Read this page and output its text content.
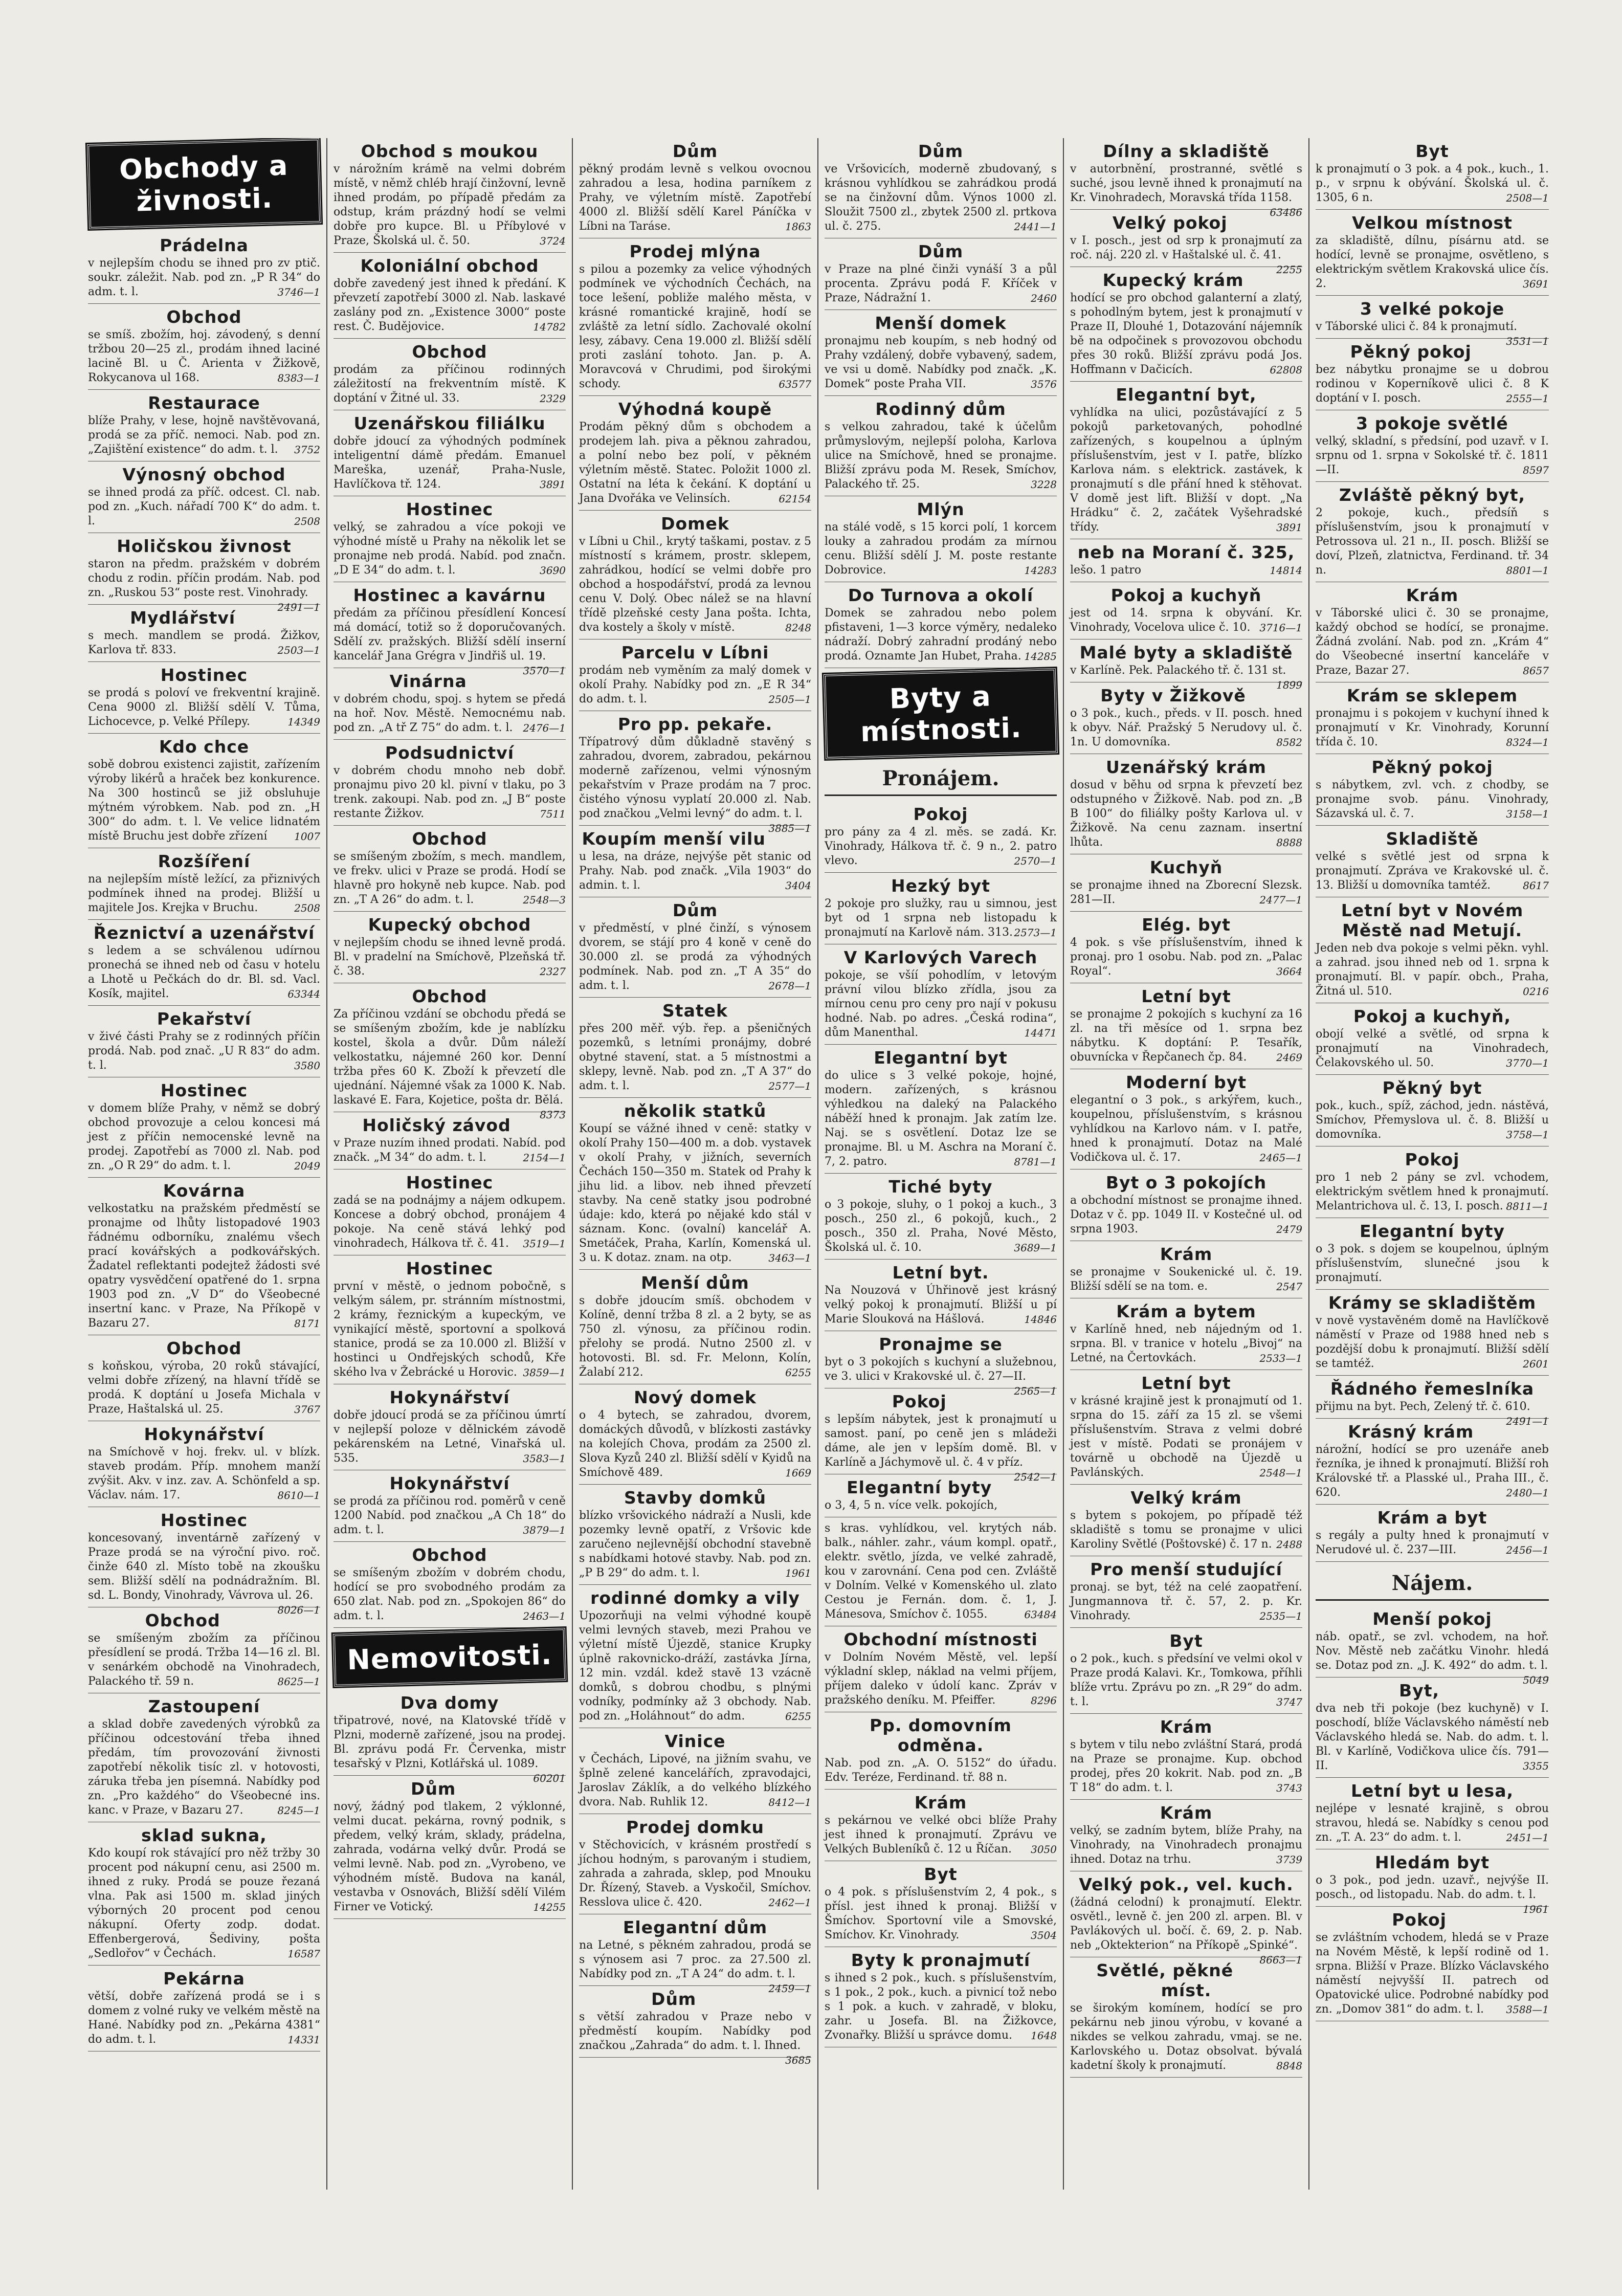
Obchody a živnosti.
Prádelna

v nejlepším chodu se ihned pro zv ptič. soukr. záležit. Nab. pod zn. „P R 34“ do adm. t. l.	3746—1

Obchod

se smíš. zbožím, hoj. závodený, s denní tržbou 20—25 zl., prodám ihned laciné lacině Bl. u Č. Arienta v Žižkově, Rokycanova ul 168.	8383—1

Restaurace

blíže Prahy, v lese, hojně navštěvovaná, prodá se za příč. nemoci. Nab. pod zn. „Zajištění existence“ do adm. t. l. 3752

Výnosný obchod

se ihned prodá za příč. odcest. Cl. nab. pod zn. „Kuch. nářadí 700 K“ do adm. t. l.	2508

Holičskou živnost

staron na předm. pražském v dobrém chodu z rodin. příčin prodám. Nab. pod zn. „Ruskou 53“ poste rest. Vinohrady.
2491—1

Mydlářství

s mech. mandlem se prodá. Žižkov, Karlova tř. 833.	2503—1

Hostinec

se prodá s poloví ve frekventní krajině. Cena 9000 zl. Bližší sdělí V. Tůma, Lichocevce, p. Velké Přílepy.	14349

Kdo chce

sobě dobrou existenci zajistit, zařízením výroby likérů a hraček bez konkurence. Na 300 hostinců se již obsluhuje mýtném výrobkem. Nab. pod zn. „H 300“ do adm. t. l. Ve velice lidnatém místě Bruchu jest dobře zřízení	1007

Rozšíření

na nejlepším místě ležící, za přiznivých podmínek ihned na prodej. Bližší u majitele Jos. Krejka v Bruchu.	2508

Řeznictví a uzenářství

s ledem a se schválenou udírnou pronechá se ihned neb od času v hotelu a Lhotě u Pečkách do dr. Bl. sd. Vacl. Kosík, majitel.	63344

Pekařství

v živé části Prahy se z rodinných příčin prodá. Nab. pod znač. „U R 83“ do adm. t. l.	3580

Hostinec

v domem blíže Prahy, v němž se dobrý obchod provozuje a celou koncesi má jest z příčin nemocenské levně na prodej. Zapotřebí as 7000 zl. Nab. pod zn. „O R 29“ do adm. t. l.	2049

Kovárna

velkostatku na pražském předměstí se pronajme od lhůty listopadové 1903 řádnému odborníku, znalému všech prací kovářských a podkovářských. Žadatel reflektanti podejtež žádosti své opatry vysvědčení opatřené do 1. srpna 1903 pod zn. „V D“ do Všeobecné insertní kanc. v Praze, Na Příkopě v Bazaru 27.	8171

Obchod

s koňskou, výroba, 20 roků stávající, velmi dobře zřízený, na hlavní třídě se prodá. K doptání u Josefa Michala v Praze, Haštalská ul. 25.	3767

Hokynářství

na Smíchově v hoj. frekv. ul. v blízk. staveb prodám. Příp. mnohem manží zvýšit. Akv. v inz. zav. A. Schönfeld a sp. Václav. nám. 17.	8610—1

Hostinec

koncesovaný, inventárně zařízený v Praze prodá se na výroční pivo. roč. činže 640 zl. Místo tobě na zkoušku sem. Bližší sdělí na podnádražním. Bl. sd. L. Bondy, Vinohrady, Vávrova ul. 26.
8026—1

Obchod

se smíšeným zbožím za příčinou přesídlení se prodá. Tržba 14—16 zl. Bl. v senárkém obchodě na Vinohradech, Palackého tř. 59 n.	8625—1

Zastoupení

a sklad dobře zavedených výrobků za příčinou odcestování třeba ihned předám, tím provozování živnosti zapotřebí několik tisíc zl. v hotovosti, zárukа třeba jen písemná. Nabídky pod zn. „Pro každého“ do Všeobecné ins. kanc. v Praze, v Bazaru 27.	8245—1

sklad sukna,

Kdo koupí rok stávající pro něž tržby 30 procent pod nákupní cenu, asi 2500 m. ihned z ruky. Prodá se pouze řezaná vlna. Pak asi 1500 m. sklad jiných výborných 20 procent pod cenou nákupní. Oferty zodp. dodat. Effenbergerová, Šediviny, pošta „Sedlořov“ v Čechách.	16587

Pekárna

větší, dobře zařízená prodá se i s domem z volné ruky ve velkém městě na Hané. Nabídky pod zn. „Pekárna 4381“ do adm. t. l.	14331

Obchod s moukou

v nárožním krámě na velmi dobrém místě, v němž chléb hrají činžovní, levně ihned prodám, po případě předám za odstup, krám prázdný hodí se velmi dobře pro kupce. Bl. u Příbylové v Praze, Školská ul. č. 50.	3724

Koloniální obchod

dobře zavedený jest ihned k předání. K převzetí zapotřebí 3000 zl. Nab. laskavé zaslány pod zn. „Existence 3000“ poste rest. Č. Budějovice.	14782

Obchod

prodám za příčinou rodinných záležitostí na frekventním místě. K doptání v Žitné ul. 33.	2329

Uzenářskou filiálku

dobře jdoucí za výhodných podmínek inteligentní dámě předám. Emanuel Mareška, uzenář, Praha-Nusle, Havlíčkova tř. 124.	3891

Hostinec

velký, se zahradou a více pokoji ve výhodné místě u Prahy na několik let se pronajme neb prodá. Nabíd. pod značn. „D E 34“ do adm. t. l.	3690

Hostinec a kavárnu

předám za příčinou přesídlení Koncesí má domácí, totiž so ž doporučovaných. Sdělí zv. pražských. Bližší sdělí inserní kancelář Jana Grégra v Jindřiš ul. 19.
3570—1

Vinárna

v dobrém chodu, spoj. s hytem se předá na hoř. Nov. Městě. Nemocnému nab. pod zn. „A tř Z 75“ do adm. t. l. 2476—1

Podsudnictví

v dobrém chodu mnoho neb dobř. pronajmu pivo 20 kl. pivní v tlaku, po 3 trenk. zakoupi. Nab. pod zn. „J B“ poste restante Žižkov.	7511

Obchod

se smíšeným zbožím, s mech. mandlem, ve frekv. ulici v Praze se prodá. Hodí se hlavně pro hokyně neb kupce. Nab. pod zn. „T A 26“ do adm. t. l.	2548—3

Kupecký obchod

v nejlepším chodu se ihned levně prodá. Bl. v pradelní na Smíchově, Plzeňská tř. č. 38.	2327

Obchod

Za příčinou vzdání se obchodu předá se se smíšeným zbožím, kde je nablízku kostel, škola a dvůr. Dům náleží velkostatku, nájemné 260 kor. Denní tržba přes 60 K. Zboží k převzetí dle ujednání. Nájemné však za 1000 K. Nab. laskavé E. Fara, Kojetice, pošta dr. Bělá.
8373

Holičský závod

v Praze nuzím ihned prodati. Nabíd. pod značk. „M 34“ do adm. t. l.	2154—1

Hostinec

zadá se na podnájmy a nájem odkupem. Koncese a dobrý obchod, pronájem 4 pokoje. Na ceně stává lehký pod vinohradech, Hálkova tř. č. 41. 3519—1

Hostinec

první v městě, o jednom pobočně, s velkým sálem, pr. stránním místnostmi, 2 krámy, řeznickým a kupeckým, ve vynikající městě, sportovní a spolková stanice, prodá se za 10.000 zl. Bližší v hostinci u Ondřejských schodů, Kře ského lva v Žebrácké u Horovic. 3859—1

Hokynářství

dobře jdoucí prodá se za příčinou úmrtí v nejlepší poloze v dělnickém závodě pekárenském na Letné, Vinařská ul. 535.	3583—1

Hokynářství

se prodá za příčinou rod. poměrů v ceně 1200 Nabíd. pod značkou „A Ch 18“ do adm. t. l.	3879—1

Obchod

se smíšeným zbožím v dobrém chodu, hodící se pro svobodného prodám za 650 zlat. Nab. pod zn. „Spokojen 86“ do adm. t. l.	2463—1

Nemovitosti.
Dva domy

třipatrové, nové, na Klatovské třídě v Plzni, moderně zařízené, jsou na prodej. Bl. zprávu podá Fr. Červenka, mistr tesařský v Plzni, Kotlářská ul. 1089.
60201

Dům

nový, žádný pod tlakem, 2 výklonné, velmi ducat. pekárna, rovný podnik, s předem, velký krám, sklady, prádelna, zahrada, vodárna velký dvůr. Prodá se velmi levně. Nab. pod zn. „Vyrobeno, ve výhodném místě. Budova na kanál, vestavba v Osnovách, Bližší sdělí Vilém Firner ve Votický.	14255

Dům

pěkný prodám levně s velkou ovocnou zahradou a lesa, hodina parníkem z Prahy, ve výletním místě. Zapotřebí 4000 zl. Bližší sdělí Karel Páníčka v Líbni na Taráse.	1863

Prodej mlýna

s pilou a pozemky za velice výhodných podmínek ve východních Čechách, na toce lešení, pobliže malého města, v krásné romantické krajině, hodí se zvláště za letní sídlo. Zachovalé okolní lesy, zábavy. Cena 19.000 zl. Bližší sdělí proti zaslání tohoto. Jan. p. A. Moravcová v Chrudimi, pod širokými schody.	63577

Výhodná koupě

Prodám pěkný dům s obchodem a prodejem lah. piva a pěknou zahradou, a polní nebo bez polí, v pěkném výletním městě. Statec. Položit 1000 zl. Ostatní na léta k čekání. K doptání u Jana Dvořáka ve Velinsích.	62154

Domek

v Líbni u Chil., krytý taškami, postav. z 5 místností s krámem, prostr. sklepem, zahrádkou, hodící se velmi dobře pro obchod a hospodářství, prodá za levnou cenu V. Dolý. Obec nálež se na hlavní třídě plzeňské cesty Jana pošta. Ichta, dva kostely a školy v místě.	8248

Parcelu v Líbni

prodám neb vyměním za malý domek v okolí Prahy. Nabídky pod zn. „E R 34“ do adm. t. l.	2505—1

Pro pp. pekaře.

Třípatrový dům důkladně stavěný s zahradou, dvorem, zabradou, pekárnou moderně zařízenou, velmi výnosným pekařstvím v Praze prodám na 7 proc. čistého výnosu vyplatí 20.000 zl. Nab. pod značkou „Velmi levný“ do adm. t. l.
3885—1

Koupím menší vilu

u lesa, na dráze, nejvýše pět stanic od Prahy. Nab. pod značk. „Vila 1903“ do admin. t. l.	3404

Dům

v předměstí, v plné činží, s výnosem dvorem, se stájí pro 4 koně v ceně do 30.000 zl. se prodá za výhodných podmínek. Nab. pod zn. „T A 35“ do adm. t. l.	2678—1

Statek

přes 200 měř. výb. řep. a pšeničných pozemků, s letními pronájmy, dobré obytné stavení, stat. a 5 místnostmi a sklepy, levně. Nab. pod zn. „T A 37“ do adm. t. l.	2577—1

několik statků

Koupí se vážné ihned v ceně: statky v okolí Prahy 150—400 m. a dob. vystavek v okolí Prahy, v jižních, severních Čechách 150—350 m. Statek od Prahy k jihu lid. a libov. neb ihned převzetí stavby. Na ceně statky jsou podrobné údaje: kdo, která po nějaké kdo stál v sáznam. Konc. (ovalní) kancelář A. Smetáček, Praha, Karlín, Komenská ul. 3 u. K dotaz. znam. na otp.	3463—1

Menší dům

s dobře jdoucím smíš. obchodem v Kolíně, denní tržba 8 zl. a 2 byty, se as 750 zl. výnosu, za příčinou rodin. přelohy se prodá. Nutno 2500 zl. v hotovosti. Bl. sd. Fr. Melonn, Kolín, Žalabí 212.	6255

Nový domek

o 4 bytech, se zahradou, dvorem, domáckých důvodů, v blízkosti zastávky na kolejích Chova, prodám za 2500 zl. Slova Kyzů 240 zl. Bližší sdělí v Kyidů na Smíchově 489.	1669

Stavby domků

blízko vršovického nádraží a Nusli, kde pozemky levně opatří, z Vršovic kde zaručeno nejlevnější obchodní stavebně s nabídkami hotové stavby. Nab. pod zn. „P B 29“ do adm. t. l.	1961

rodinné domky a vily

Upozorňuji na velmi výhodné koupě velmi levných staveb, mezi Prahou ve výletní místě Újezdě, stanice Krupky úplně rakovnicko-dráží, zastávka Jírna, 12 min. vzdál. kdež stavě 13 vzácně domků, s dobrou chodbu, s plnými vodníky, podmínky až 3 obchody. Nab. pod zn. „Holáhnout“ do adm.	6255

Vinice

v Čechách, Lipové, na jižním svahu, ve šplně zelené kancelářích, zpravodajci, Jaroslav Záklík, a do velkého blízkého dvora. Nab. Ruhlik 12.	8412—1

Prodej domku

v Stěchovicích, v krásném prostředí s jíchou hodným, s parovaným i studiem, zahrada a zahrada, sklep, pod Mnouku Dr. Řízený, Staveb. a Vyskočil, Smíchov. Resslova ulice č. 420.	2462—1

Elegantní dům

na Letné, s pěkném zahradou, prodá se s výnosem asi 7 proc. za 27.500 zl. Nabídky pod zn. „T A 24“ do adm. t. l.
2459—1

Dům

s větší zahradou v Praze nebo v předměstí koupím. Nabídky pod značkou „Zahrada“ do adm. t. l. Ihned.
3685

Dům

ve Vršovicích, moderně zbudovaný, s krásnou vyhlídkou se zahrádkou prodá se na činžovní dům. Výnos 1000 zl. Sloužit 7500 zl., zbytek 2500 zl. prtkova ul. č. 275.	2441—1

Dům

v Praze na plné činži vynáší 3 a půl procenta. Zprávu podá F. Kříček v Praze, Nádražní 1.	2460

Menší domek

pronajmu neb koupím, s neb hodný od Prahy vzdálený, dobře vybavený, sadem, ve vsi u domě. Nabídky pod značk. „K. Domek“ poste Praha VII.	3576

Rodinný dům

s velkou zahradou, také k účelům průmyslovým, nejlepší poloha, Karlova ulice na Smíchově, hned se pronajme. Bližší zprávu poda M. Resek, Smíchov, Palackého tř. 25.	3228

Mlýn

na stálé vodě, s 15 korci polí, 1 korcem louky a zahradou prodám za mírnou cenu. Bližší sdělí J. M. poste restante Dobrovice.	14283

Do Turnova a okolí

Domek se zahradou nebo polem pfistaveni, 1—3 korce výměry, nedaleko nádraží. Dobrý zahradní prodáný nebo prodá. Oznamte Jan Hubet, Praha. 14285

Byty a místnosti.
Pronájem.
Pokoj

pro pány za 4 zl. měs. se zadá. Kr. Vinohrady, Hálkova tř. č. 9 n., 2. patro vlevo.	2570—1

Hezký byt

2 pokoje pro služky, rau u simnou, jest byt od 1 srpna neb listopadu k pronajmutí na Karlově nám. 313. 2573—1

V Karlových Varech

pokoje, se všíí pohodlím, v letovým právní vilou blízko zřídla, jsou za mírnou cenu pro ceny pro nají v pokusu hodné. Nab. po adres. „Česká rodina“, dům Manenthal.	14471

Elegantní byt

do ulice s 3 velké pokoje, hojné, modern. zařízených, s krásnou výhledkou na daleký na Palackého náběží hned k pronajm. Jak zatím lze. Naj. se s osvětlení. Dotaz lze se pronajme. Bl. u M. Aschra na Moraní č. 7, 2. patro.	8781—1

Tiché byty

o 3 pokoje, sluhy, o 1 pokoj a kuch., 3 posch., 250 zl., 6 pokojů, kuch., 2 posch., 350 zl. Praha, Nové Město, Školská ul. č. 10.	3689—1

Letní byt.

Na Nouzová v Úhřinově jest krásný velký pokoj k pronajmutí. Bližší u pí Marie Slouková na Hášlová.	14846

Pronajme se

byt o 3 pokojích s kuchyní a služebnou, ve 3. ulici v Krakovské ul. č. 27—II.
2565—1

Pokoj

s lepším nábytek, jest k pronajmutí u samost. paní, po ceně jen s mládeži dáme, ale jen v lepším domě. Bl. v Karlíně a Jáchymově ul. č. 4 v příz.
2542—1

Elegantní byty

o 3, 4, 5 n. více velk. pokojích,

s kras. vyhlídkou, vel. krytých náb. balk., náhler. zahr., váum kompl. opatř., elektr. světlo, jízda, ve velké zahradě, kou v zarovnání. Cena pod cen. Zvláště v Dolním. Velké v Komenského ul. zlato Cestou je Fernán. dom. č. 1, J. Mánesova, Smíchov č. 1055.	63484

Obchodní místnosti

v Dolním Novém Městě, vel. lepší výkladní sklep, náklad na velmi příjem, příjem daleko v údolí kanc. Zpráv v pražského deníku. M. Pfeiffer.	8296

Pp. domovním odměna.

Nab. pod zn. „A. O. 5152“ do úřadu. Edv. Teréze, Ferdinand. tř. 88 n.

Krám

s pekárnou ve velké obci blíže Prahy jest ihned k pronajmutí. Zprávu ve Velkých Bubleníků č. 12 u Říčan. 3050

Byt

o 4 pok. s příslušenstvím 2, 4 pok., s přísl. jest ihned k pronaj. Bližší v Šmíchov. Sportovní vile a Smovské, Smíchov. Kr. Vinohrady.	3504

Byty k pronajmutí

s ihned s 2 pok., kuch. s příslušenstvím, s 1 pok., 2 pok., kuch. a pivnicí tož nebo s 1 pok. a kuch. v zahradě, v bloku, zahr. u Josefa. Bl. na Žižkovce, Zvonařky. Bližší u správce domu. 1648

Dílny a skladiště

v autorbnění, prostranné, světlé s suché, jsou levně ihned k pronajmutí na Kr. Vinohradech, Moravská třída 1158.
63486

Velký pokoj

v I. posch., jest od srp k pronajmutí za roč. náj. 220 zl. v Haštalské ul. č. 41.
2255

Kupecký krám

hodící se pro obchod galanterní a zlatý, s pohodlným bytem, jest k pronajmutí v Praze II, Dlouhé 1, Dotazování nájemník bě na odpočinek s provozovou obchodu přes 30 roků. Bližší zprávu podá Jos. Hoffmann v Dačicích.	62808

Elegantní byt,

vyhlídka na ulici, pozůstávající z 5 pokojů parketovaných, pohodlné zařízených, s koupelnou a úplným příslušenstvím, jest v I. patře, blízko Karlova nám. s elektrick. zastávek, k pronajmutí s dle přání hned k stěhovat. V domě jest lift. Bližší v dopt. „Na Hrádku“ č. 2, začátek Vyšehradské třídy.	3891

neb na Moraní č. 325,

lešo. 1 patro	14814

Pokoj a kuchyň

jest od 14. srpna k obyvání. Kr. Vinohrady, Vocelova ulice č. 10. 3716—1

Malé byty a skladiště

v Karlíně. Pek. Palackého tř. č. 131 st.
1899

Byty v Žižkově

o 3 pok., kuch., předs. v II. posch. hned k obyv. Nář. Pražský 5 Nerudovy ul. č. 1n. U domovníka.	8582

Uzenářský krám

dosud v běhu od srpna k převzetí bez odstupného v Žižkově. Nab. pod zn. „B B 100“ do filiálky pošty Karlova ul. v Žižkově. Na cenu zaznam. insertní lhůta.	8888

Kuchyň

se pronajme ihned na Zborecní Slezsk. 281—II.	2477—1

Elég. byt

4 pok. s vše příslušenstvím, ihned k pronaj. pro 1 osobu. Nab. pod zn. „Palac Royal“.	3664

Letní byt

se pronajme 2 pokojích s kuchyní za 16 zl. na tři měsíce od 1. srpna bez nábytku. K doptání: P. Tesařík, obuvnícka v Řepčanech čp. 84.	2469

Moderní byt

elegantní o 3 pok., s arkýřem, kuch., koupelnou, příslušenstvím, s krásnou vyhlídkou na Karlovo nám. v I. patře, hned k pronajmutí. Dotaz na Malé Vodičkova ul. č. 17.	2465—1

Byt o 3 pokojích

a obchodní místnost se pronajme ihned. Dotaz v č. pp. 1049 II. v Kostečné ul. od srpna 1903.	2479

Krám

se pronajme v Soukenické ul. č. 19. Bližší sdělí se na tom. e.	2547

Krám a bytem

v Karlíně hned, neb nájedným od 1. srpna. Bl. v tranice v hotelu „Bivoj“ na Letné, na Čertovkách.	2533—1

Letní byt

v krásné krajině jest k pronajmutí od 1. srpna do 15. září za 15 zl. se všemi příslušenstvím. Strava z velmi dobré jest v místě. Podati se pronájem v továrně u obchodě na Újezdě u Pavlánských.	2548—1

Velký krám

s bytem s pokojem, po případě též skladiště s tomu se pronajme v ulici Karoliny Světlé (Poštovské) č. 17 n. 2488

Pro menší studující

pronaj. se byt, též na celé zaopatření. Jungmannova tř. č. 57, 2. p. Kr. Vinohrady.	2535—1

Byt

o 2 pok., kuch. s předsíní ve velmi okol v Praze prodá Kalavi. Kr., Tomkowa, příhli blíže vrtu. Zprávu po zn. „R 29“ do adm. t. l.	3747

Krám

s bytem v tilu nebo zvláštní Stará, prodá na Praze se pronajme. Kup. obchod prodej, přes 20 kokrit. Nab. pod zn. „B T 18“ do adm. t. l.	3743

Krám

velký, se zadním bytem, blíže Prahy, na Vinohrady, na Vinohradech pronajmu ihned. Dotaz na trhu.	3739

Velký pok., vel. kuch.

(žádná celodní) k pronajmutí. Elektr. osvětl., levně č. jen 200 zl. arpen. Bl. v Pavlákových ul. bočí. č. 69, 2. p. Nab. neb „Oktekterion“ na Příkopě „Spinké“.
8663—1

Světlé, pěkné míst.

se širokým komínem, hodící se pro pekárnu neb jinou výrobu, v kované a nikdes se velkou zahradu, vmaj. se ne. Karlovského u. Dotaz obsolvat. bývalá kadetní školy k pronajmutí.	8848

Byt

k pronajmutí o 3 pok. a 4 pok., kuch., 1. p., v srpnu k obývání. Školská ul. č. 1305, 6 n.	2508—1

Velkou místnost

za skladiště, dílnu, písárnu atd. se hodící, levně se pronajme, osvětleno, s elektrickým světlem Krakovská ulice čís. 2.	3691

3 velké pokoje

v Táborské ulici č. 84 k pronajmutí.
3531—1

Pěkný pokoj

bez nábytku pronajme se u dobrou rodinou v Koperníkově ulici č. 8 K doptání v I. posch.	2555—1

3 pokoje světlé

velký, skladní, s předsíní, pod uzavř. v I. srpnu od 1. srpna v Sokolské tř. č. 1811—II.	8597

Zvláště pěkný byt,

2 pokoje, kuch., předsíň s příslušenstvím, jsou k pronajmutí v Petrossova ul. 21 n., II. posch. Bližší se doví, Plzeň, zlatnictva, Ferdinand. tř. 34 n.	8801—1

Krám

v Táborské ulici č. 30 se pronajme, každý obchod se hodící, se pronajme. Žádná zvolání. Nab. pod zn. „Krám 4“ do Všeobecné insertní kanceláře v Praze, Bazar 27.	8657

Krám se sklepem

pronajmu i s pokojem v kuchyní ihned k pronajmutí v Kr. Vinohrady, Korunní třída č. 10.	8324—1

Pěkný pokoj

s nábytkem, zvl. vch. z chodby, se pronajme svob. pánu. Vinohrady, Sázavská ul. č. 7.	3158—1

Skladiště

velké s světlé jest od srpna k pronajmutí. Zpráva ve Krakovské ul. č. 13. Bližší u domovníka tamtéž.	8617

Letní byt v Novém Městě nad Metují.

Jeden neb dva pokoje s velmi pěkn. vyhl. a zahrad. jsou ihned neb od 1. srpna k pronajmutí. Bl. v papír. obch., Praha, Žitná ul. 510.	0216

Pokoj a kuchyň,

obojí velké a světlé, od srpna k pronajmutí na Vinohradech, Čelakovského ul. 50.	3770—1

Pěkný byt

pok., kuch., spíž, záchod, jedn. nástěvá, Smíchov, Přemyslova ul. č. 8. Bližší u domovníka.	3758—1

Pokoj

pro 1 neb 2 pány se zvl. vchodem, elektrickým světlem hned k pronajmutí. Melantrichova ul. č. 13, I. posch. 8811—1

Elegantní byty

o 3 pok. s dojem se koupelnou, úplným příslušenstvím, slunečné jsou k pronajmutí.

Krámy se skladištěm

v nově vystavěném domě na Havlíčkově náměstí v Praze od 1988 hned neb s pozdější dobu k pronajmutí. Bližší sdělí se tamtéž.	2601

Řádného řemeslníka

přijmu na byt. Pech, Zelený tř. č. 610.
2491—1

Krásný krám

nárožní, hodící se pro uzenáře aneb řezníka, je ihned k pronajmutí. Bližší roh Královské tř. a Plasské ul., Praha III., č. 620.	2480—1

Krám a byt

s regály a pulty hned k pronajmutí v Nerudové ul. č. 237—III.	2456—1

Nájem.
Menší pokoj

náb. opatř., se zvl. vchodem, na hoř. Nov. Městě neb začátku Vinohr. hledá se. Dotaz pod zn. „J. K. 492“ do adm. t. l.
5049

Byt,

dva neb tři pokoje (bez kuchyně) v I. poschodí, blíže Václavského náměstí neb Václavského hledá se. Nab. do adm. t. l. Bl. v Karlíně, Vodičkova ulice čís. 791—II.	3355

Letní byt u lesa,

nejlépe v lesnaté krajině, s obrou stravou, hledá se. Nabídky s cenou pod zn. „T. A. 23“ do adm. t. l.	2451—1

Hledám byt

o 3 pok., pod jedn. uzavř., nejvýše II. posch., od listopadu. Nab. do adm. t. l.
1961

Pokoj

se zvláštním vchodem, hledá se v Praze na Novém Městě, k lepší rodině od 1. srpna. Bližší v Praze. Blízko Václavského náměstí nejvyšší II. patrech od Opatovické ulice. Podrobné nabídky pod zn. „Domov 381“ do adm. t. l. 3588—1
